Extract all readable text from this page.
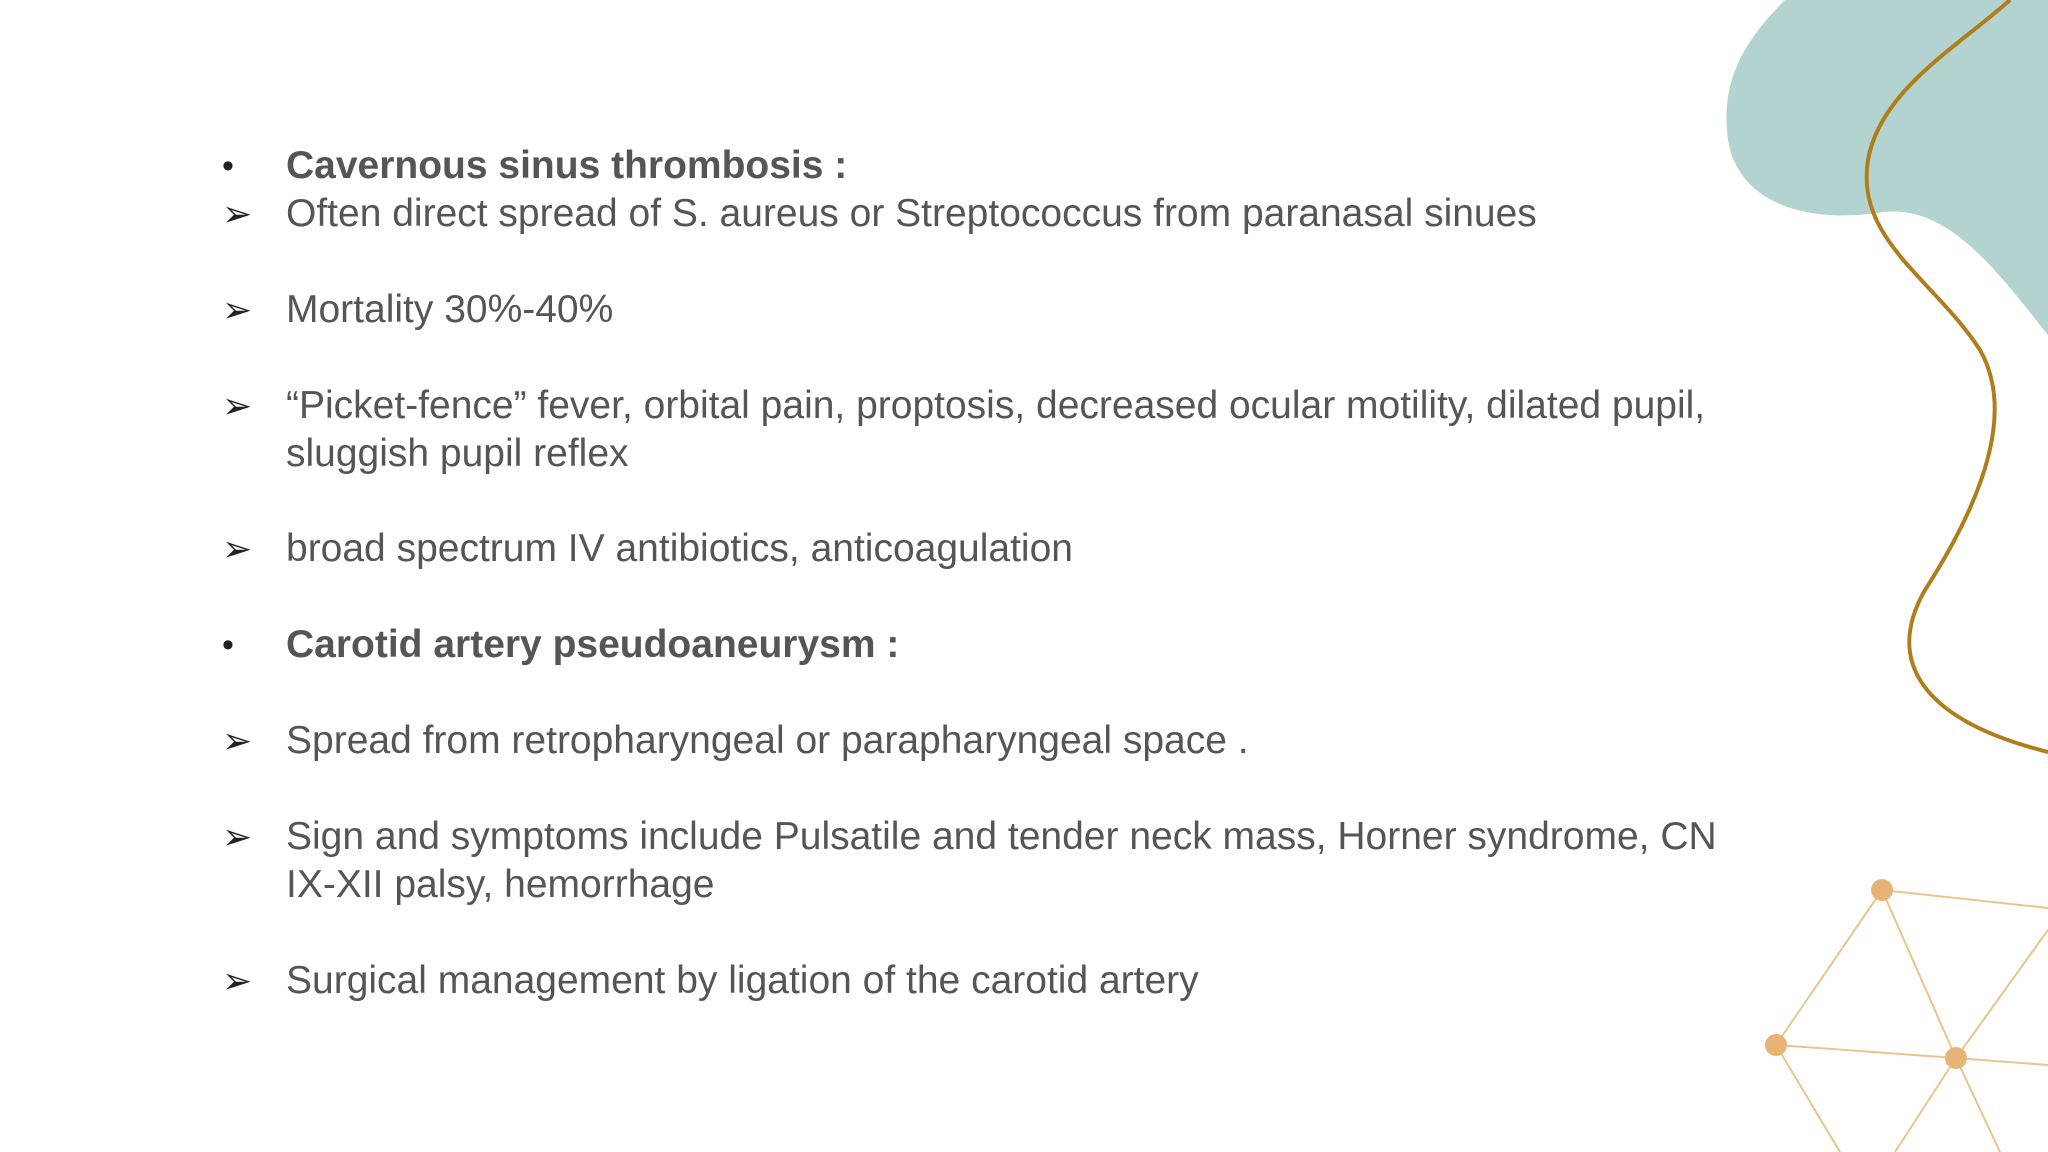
•	Cavernous sinus thrombosis :
➢ Often direct spread of S. aureus or Streptococcus from paranasal sinues
➢ Mortality 30%-40%
➢ “Picket-fence” fever, orbital pain, proptosis, decreased ocular motility, dilated pupil,
sluggish pupil reflex
➢ broad spectrum IV antibiotics, anticoagulation
•	Carotid artery pseudoaneurysm :
➢ Spread from retropharyngeal or parapharyngeal space .
➢ Sign and symptoms include Pulsatile and tender neck mass, Horner syndrome, CN
IX-XII palsy, hemorrhage
➢ Surgical management by ligation of the carotid artery
